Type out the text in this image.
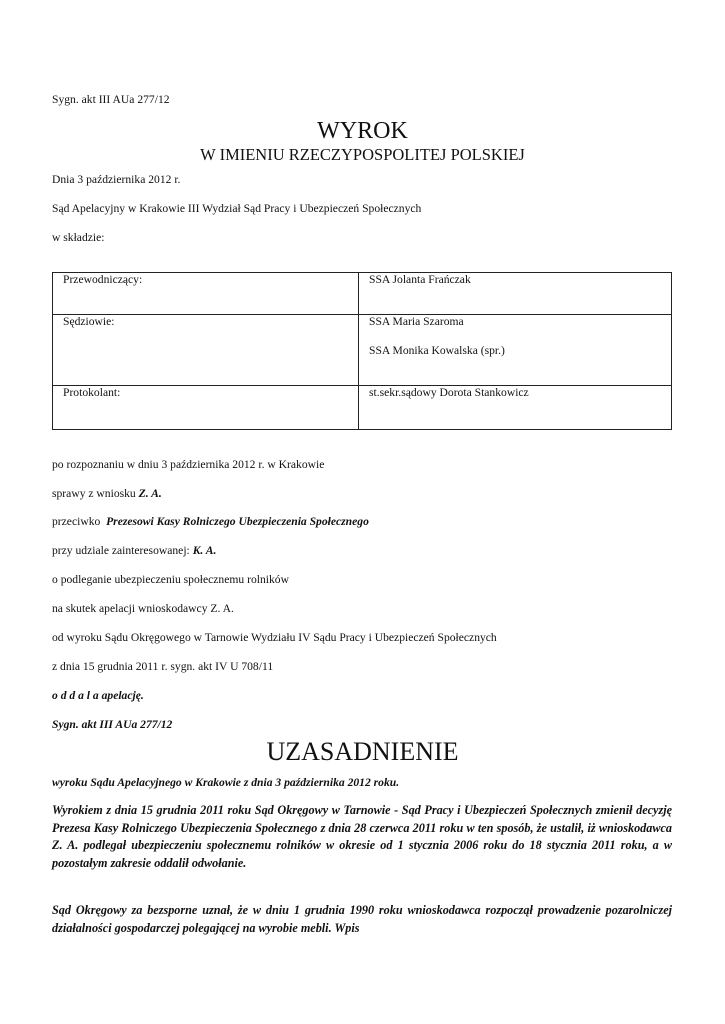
Sygn. akt III AUa 277/12
WYROK
W IMIENIU RZECZYPOSPOLITEJ POLSKIEJ
Dnia 3 października 2012 r.
Sąd Apelacyjny w Krakowie III Wydział Sąd Pracy i Ubezpieczeń Społecznych
w składzie:
Przewodniczący:	SSA Jolanta Frańczak
Sędziowie:	SSA Maria Szaroma
SSA Monika Kowalska (spr.)

Protokolant:	st.sekr.sądowy Dorota Stankowicz
po rozpoznaniu w dniu 3 października 2012 r. w Krakowie
sprawy z wniosku Z. A.
przeciwko Prezesowi Kasy Rolniczego Ubezpieczenia Społecznego
przy udziale zainteresowanej: K. A.
o podleganie ubezpieczeniu społecznemu rolników
na skutek apelacji wnioskodawcy Z. A.
od wyroku Sądu Okręgowego w Tarnowie Wydziału IV Sądu Pracy i Ubezpieczeń Społecznych
z dnia 15 grudnia 2011 r. sygn. akt IV U 708/11
o d d a l a apelację.
Sygn. akt III AUa 277/12
UZASADNIENIE
wyroku Sądu Apelacyjnego w Krakowie z dnia 3 października 2012 roku.
Wyrokiem z dnia 15 grudnia 2011 roku Sąd Okręgowy w Tarnowie - Sąd Pracy i Ubezpieczeń Społecznych zmienił decyzję Prezesa Kasy Rolniczego Ubezpieczenia Społecznego z dnia 28 czerwca 2011 roku w ten sposób, że ustalił, iż wnioskodawca Z. A. podlegał ubezpieczeniu społecznemu rolników w okresie od 1 stycznia 2006 roku do 18 stycznia 2011 roku, a w pozostałym zakresie oddalił odwołanie.
Sąd Okręgowy za bezsporne uznał, że w dniu 1 grudnia 1990 roku wnioskodawca rozpoczął prowadzenie pozarolniczej działalności gospodarczej polegającej na wyrobie mebli. Wpis
